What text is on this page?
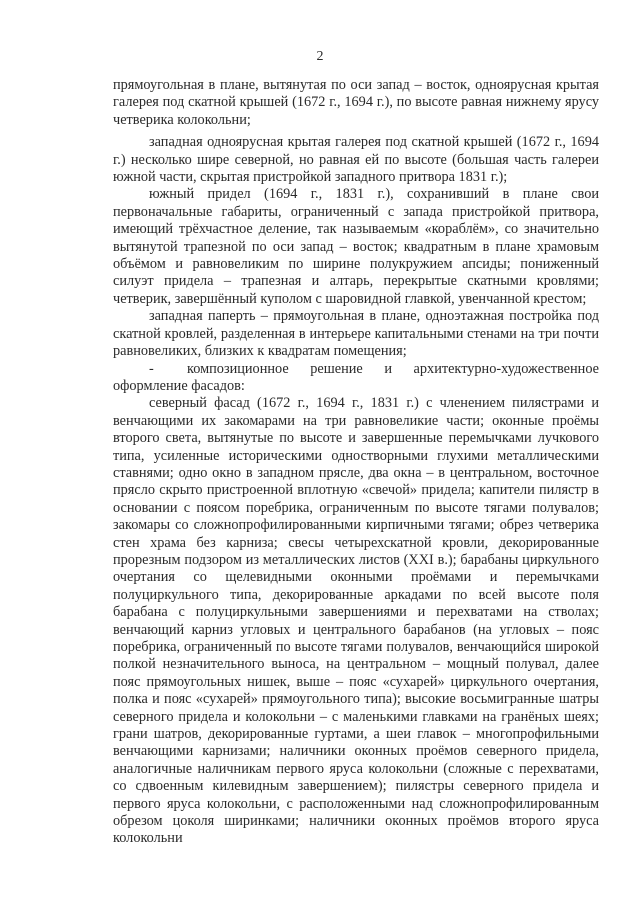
2

прямоугольная в плане, вытянутая по оси запад – восток, одноярусная крытая галерея под скатной крышей (1672 г., 1694 г.), по высоте равная нижнему ярусу четверика колокольни;

западная одноярусная крытая галерея под скатной крышей (1672 г., 1694 г.) несколько шире северной, но равная ей по высоте (большая часть галереи южной части, скрытая пристройкой западного притвора 1831 г.);

южный придел (1694 г., 1831 г.), сохранивший в плане свои первоначальные габариты, ограниченный с запада пристройкой притвора, имеющий трёхчастное деление, так называемым «кораблём», со значительно вытянутой трапезной по оси запад – восток; квадратным в плане храмовым объёмом и равновеликим по ширине полукружием апсиды; пониженный силуэт придела – трапезная и алтарь, перекрытые скатными кровлями; четверик, завершённый куполом с шаровидной главкой, увенчанной крестом;

западная паперть – прямоугольная в плане, одноэтажная постройка под скатной кровлей, разделенная в интерьере капитальными стенами на три почти равновеликих, близких к квадратам помещения;

- композиционное решение и архитектурно-художественное оформление фасадов:

северный фасад (1672 г., 1694 г., 1831 г.) с членением пилястрами и венчающими их закомарами на три равновеликие части; оконные проёмы второго света, вытянутые по высоте и завершенные перемычками лучкового типа, усиленные историческими одностворными глухими металлическими ставнями; одно окно в западном прясле, два окна – в центральном, восточное прясло скрыто пристроенной вплотную «свечой» придела; капители пилястр в основании с поясом поребрика, ограниченным по высоте тягами полувалов; закомары со сложнопрофилированными кирпичными тягами; обрез четверика стен храма без карниза; свесы четырехскатной кровли, декорированные прорезным подзором из металлических листов (XXI в.); барабаны циркульного очертания со щелевидными оконными проёмами и перемычками полуциркульного типа, декорированные аркадами по всей высоте поля барабана с полуциркульными завершениями и перехватами на стволах; венчающий карниз угловых и центрального барабанов (на угловых – пояс поребрика, ограниченный по высоте тягами полувалов, венчающийся широкой полкой незначительного выноса, на центральном – мощный полувал, далее пояс прямоугольных нишек, выше – пояс «сухарей» циркульного очертания, полка и пояс «сухарей» прямоугольного типа); высокие восьмигранные шатры северного придела и колокольни – с маленькими главками на гранёных шеях; грани шатров, декорированные гуртами, а шеи главок – многопрофильными венчающими карнизами; наличники оконных проёмов северного придела, аналогичные наличникам первого яруса колокольни (сложные с перехватами, со сдвоенным килевидным завершением); пилястры северного придела и первого яруса колокольни, с расположенными над сложнопрофилированным обрезом цоколя ширинками; наличники оконных проёмов второго яруса колокольни
